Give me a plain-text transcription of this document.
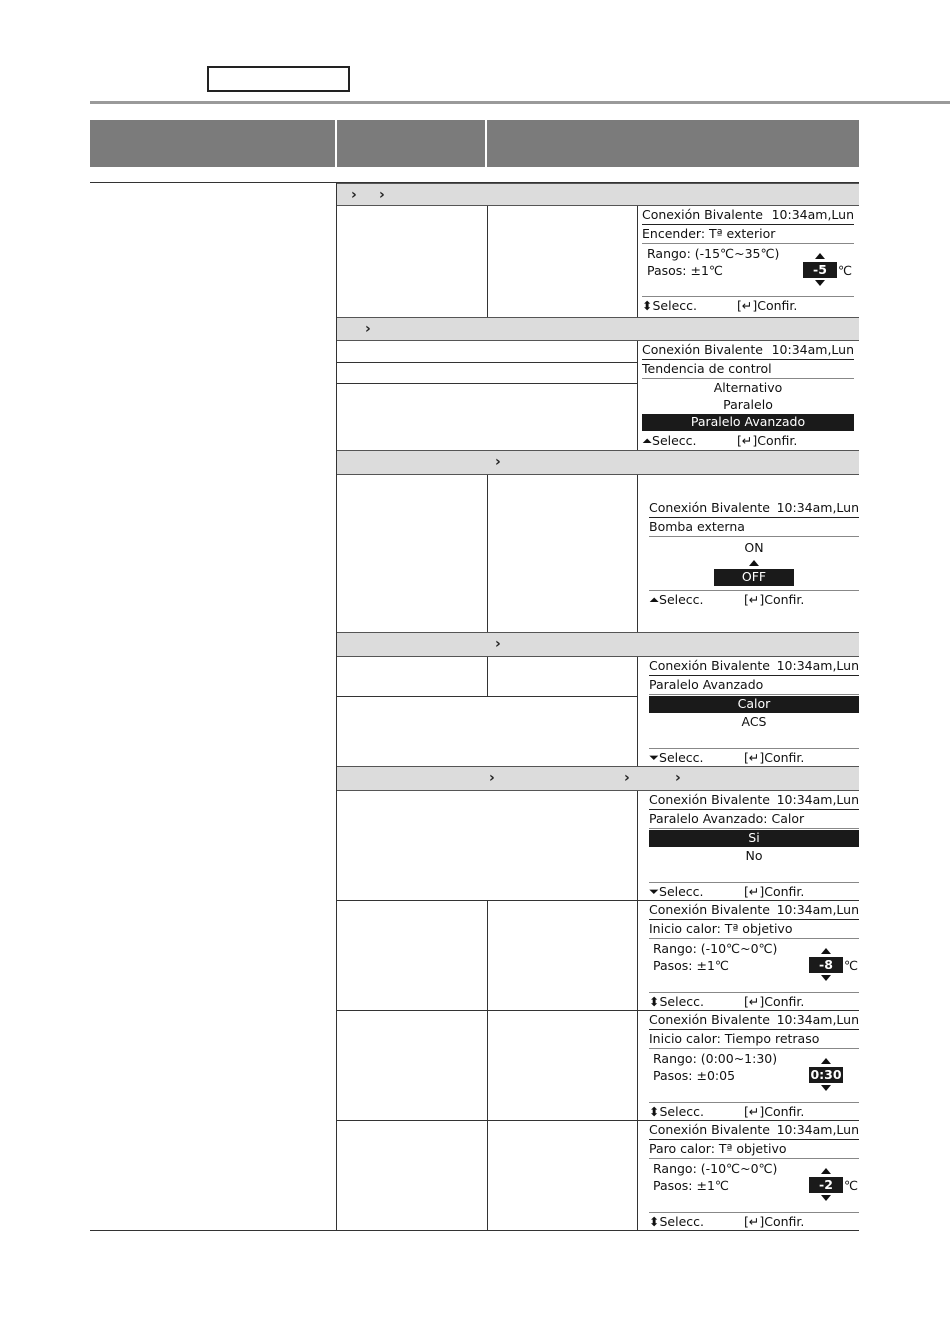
› ›
Conexión Bivalente 10:34am,Lun
Encender: Tª exterior
Rango: (-15℃~35℃)
Pasos: ±1℃	-5 ℃
⬍Selecc.	[↵]Confir.
›
Conexión Bivalente 10:34am,Lun
Tendencia de control
Alternativo
Paralelo
Paralelo Avanzado
⏶Selecc.	[↵]Confir.
›
Conexión Bivalente 10:34am,Lun
Bomba externa
ON
OFF
⏶Selecc.	[↵]Confir.
›
Conexión Bivalente 10:34am,Lun
Paralelo Avanzado
Calor
ACS
⏷Selecc.	[↵]Confir.
›	›	›
Conexión Bivalente 10:34am,Lun
Paralelo Avanzado: Calor
Si
No
⏷Selecc.	[↵]Confir.
Conexión Bivalente 10:34am,Lun
Inicio calor: Tª objetivo
Rango: (-10℃~0℃)
Pasos: ±1℃	-8 ℃
⬍Selecc.	[↵]Confir.
Conexión Bivalente 10:34am,Lun
Inicio calor: Tiempo retraso
Rango: (0:00~1:30)
Pasos: ±0:05	0:30
⬍Selecc.	[↵]Confir.
Conexión Bivalente 10:34am,Lun
Paro calor: Tª objetivo
Rango: (-10℃~0℃)
Pasos: ±1℃	-2 ℃
⬍Selecc.	[↵]Confir.
